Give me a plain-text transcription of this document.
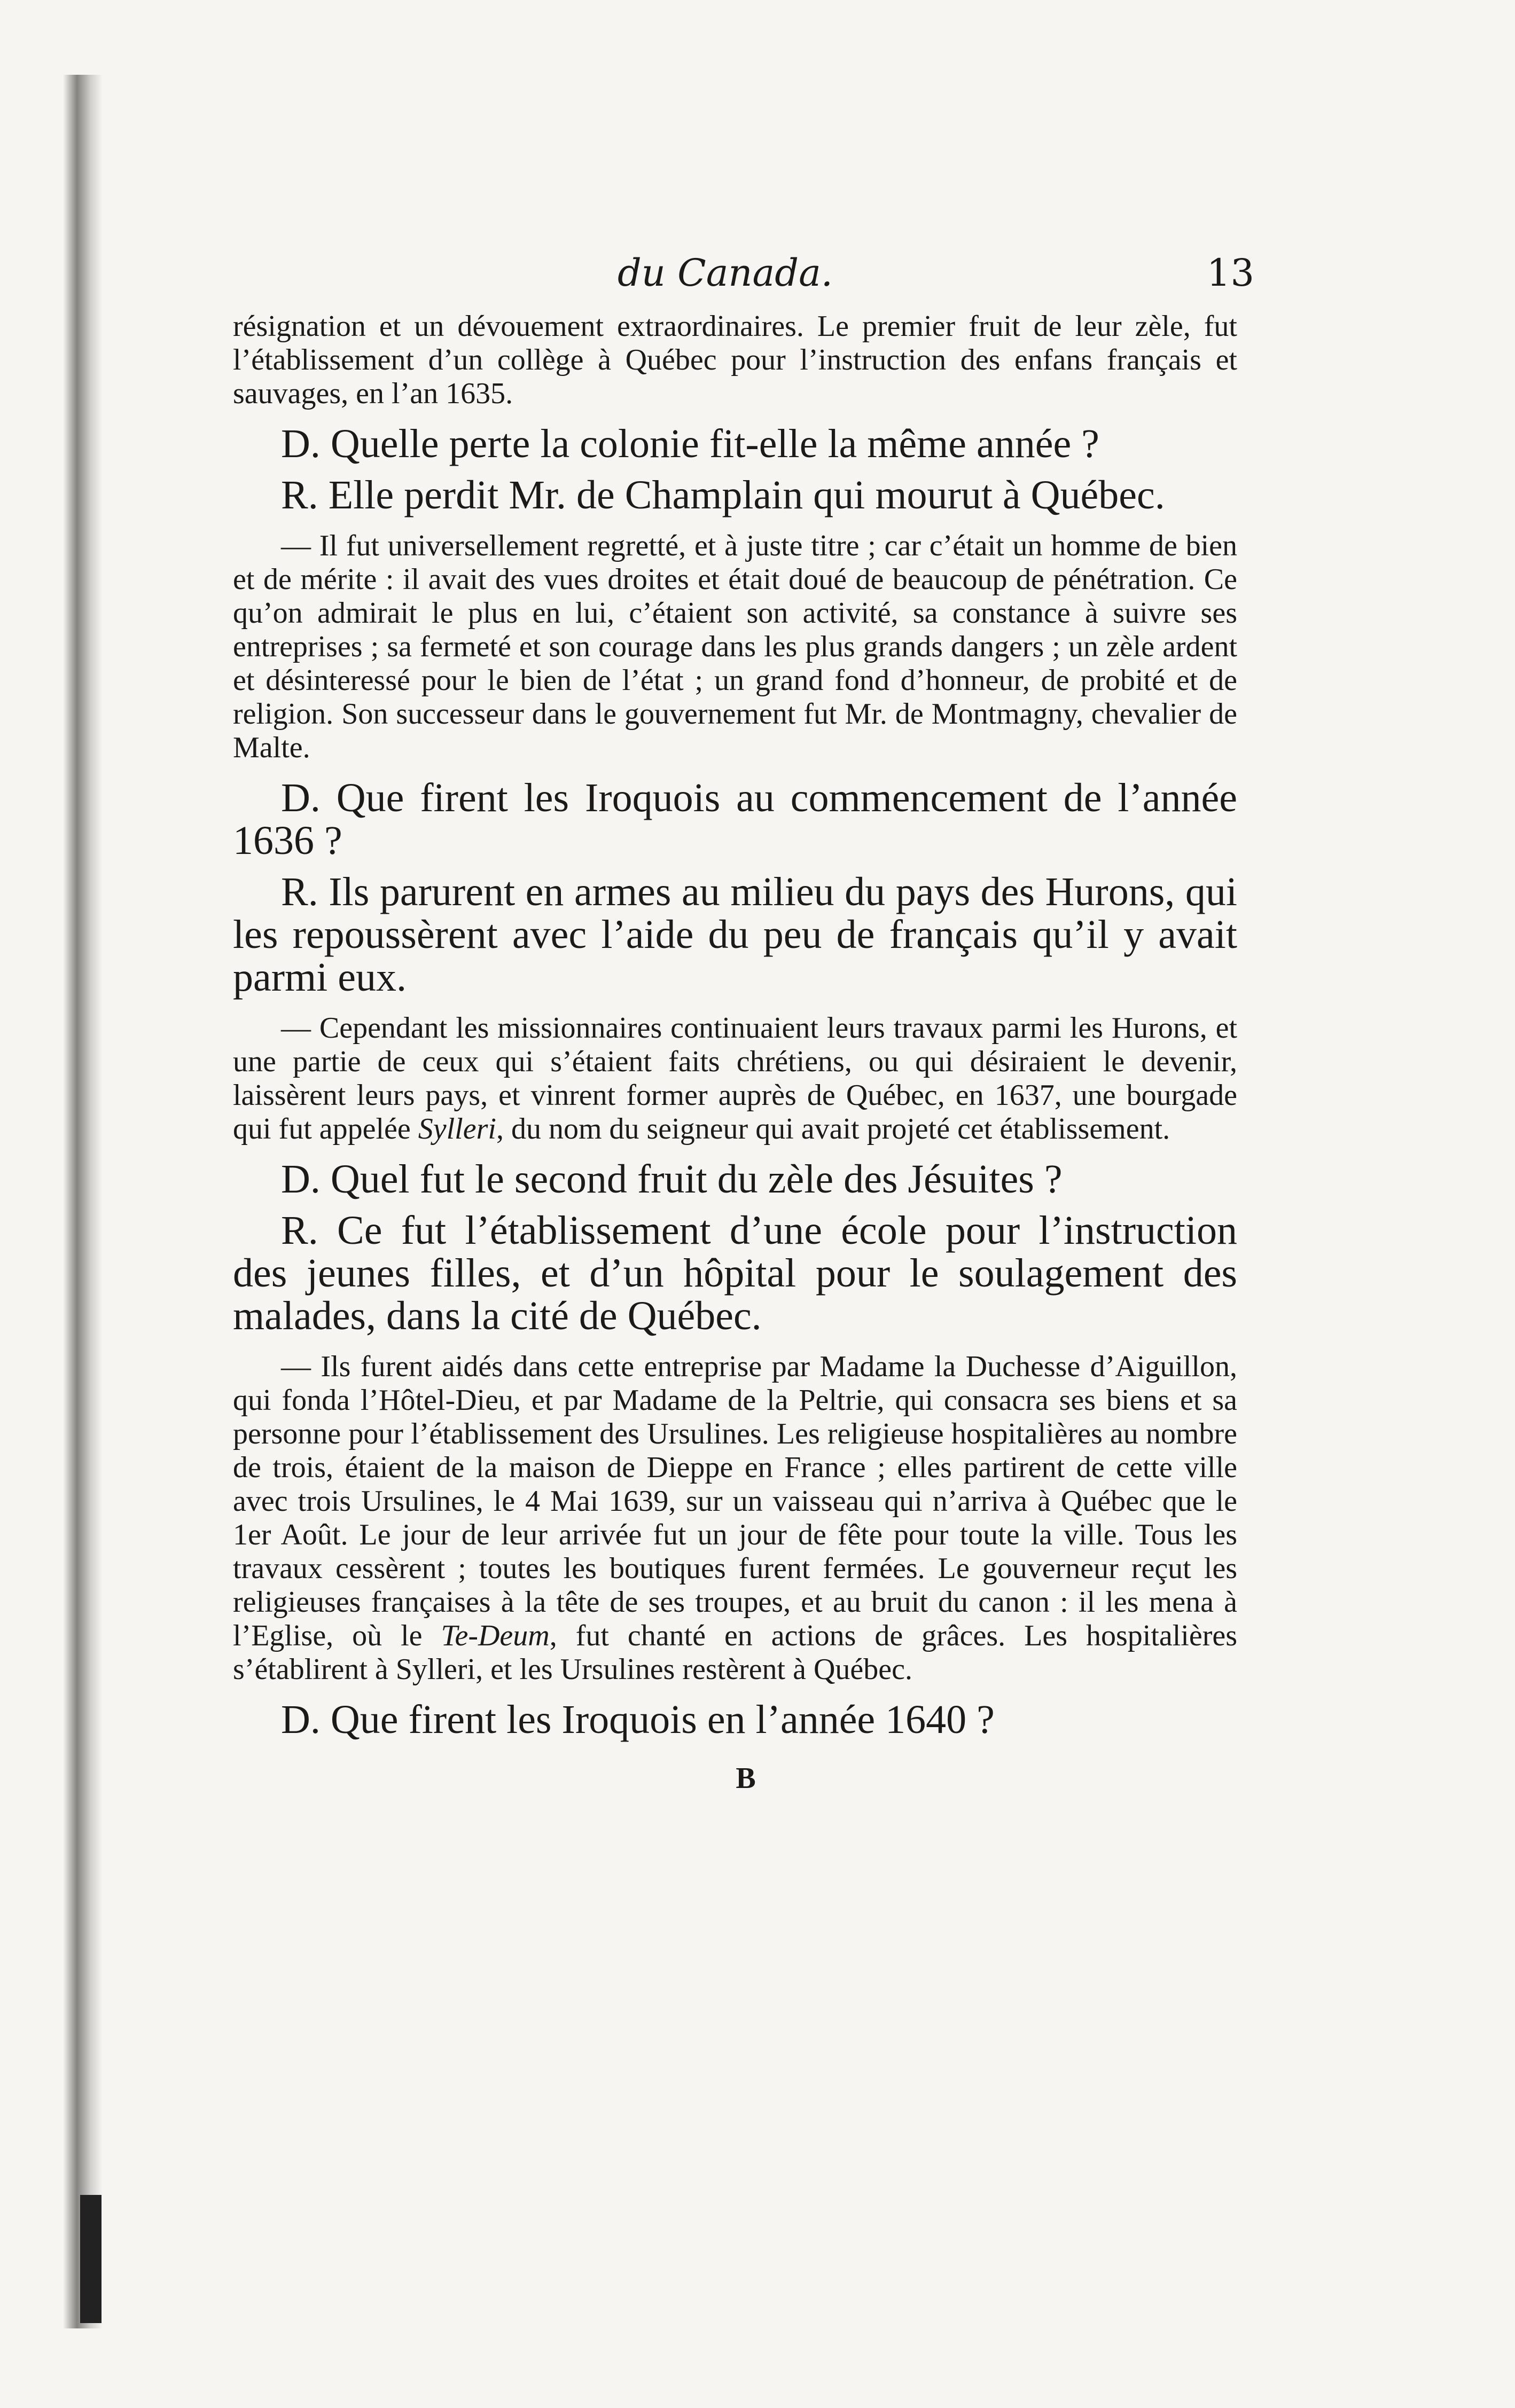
du Canada.	13

résignation et un dévouement extraordinaires. Le premier fruit de leur zèle, fut l’établissement d’un collège à Québec pour l’instruction des enfans français et sauvages, en l’an 1635.

D. Quelle perte la colonie fit-elle la même année ?

R. Elle perdit Mr. de Champlain qui mourut à Québec.

— Il fut universellement regretté, et à juste titre ; car c’était un homme de bien et de mérite : il avait des vues droites et était doué de beaucoup de pénétration. Ce qu’on admirait le plus en lui, c’étaient son activité, sa constance à suivre ses entreprises ; sa fermeté et son courage dans les plus grands dangers ; un zèle ardent et désinteressé pour le bien de l’état ; un grand fond d’honneur, de probité et de religion. Son successeur dans le gouvernement fut Mr. de Montmagny, chevalier de Malte.

D. Que firent les Iroquois au commencement de l’année 1636 ?

R. Ils parurent en armes au milieu du pays des Hurons, qui les repoussèrent avec l’aide du peu de français qu’il y avait parmi eux.

— Cependant les missionnaires continuaient leurs travaux parmi les Hurons, et une partie de ceux qui s’étaient faits chrétiens, ou qui désiraient le devenir, laissèrent leurs pays, et vinrent former auprès de Québec, en 1637, une bourgade qui fut appelée Sylleri, du nom du seigneur qui avait projeté cet établissement.

D. Quel fut le second fruit du zèle des Jésuites ?

R. Ce fut l’établissement d’une école pour l’instruction des jeunes filles, et d’un hôpital pour le soulagement des malades, dans la cité de Québec.

— Ils furent aidés dans cette entreprise par Madame la Duchesse d’Aiguillon, qui fonda l’Hôtel-Dieu, et par Madame de la Peltrie, qui consacra ses biens et sa personne pour l’établissement des Ursulines. Les religieuse hospitalières au nombre de trois, étaient de la maison de Dieppe en France ; elles partirent de cette ville avec trois Ursulines, le 4 Mai 1639, sur un vaisseau qui n’arriva à Québec que le 1er Août. Le jour de leur arrivée fut un jour de fête pour toute la ville. Tous les travaux cessèrent ; toutes les boutiques furent fermées. Le gouverneur reçut les religieuses françaises à la tête de ses troupes, et au bruit du canon : il les mena à l’Eglise, où le Te-Deum, fut chanté en actions de grâces. Les hospitalières s’établirent à Sylleri, et les Ursulines restèrent à Québec.

D. Que firent les Iroquois en l’année 1640 ?

B
